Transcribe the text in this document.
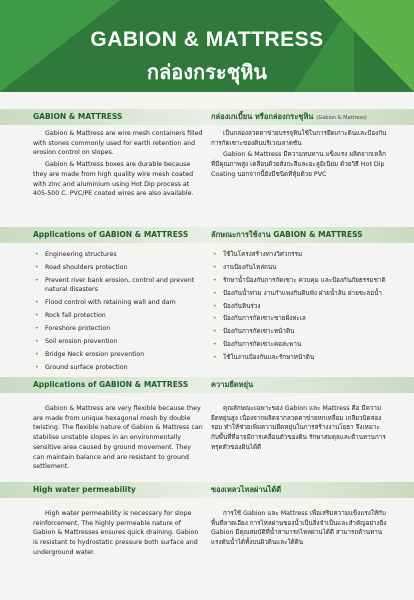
GABION & MATTRESS
กล่องกระชุหิน
GABION & MATTRESS	กล่องเกเบี้ยน หรือกล่องกระชุหิน (Gabion & Mattress)

Gabion & Mattress are wire mesh containers filled with stones commonly used for earth retention and erosion control on slopes.

Gabion & Mattress boxes are durable because they are made from high quality wire mesh coated with zinc and aluminium using Hot Dip process at 405-500 C. PVC/PE coated wires are also available.

เป็นกล่องลวดตาข่ายบรรจุหินใช้ในการยึดเกาะดินและป้องกันการกัดเซาะของดินบริเวณลาดชัน

Gabion & Mattress มีความทนทาน แข็งแรง ผลิตจากเหล็กที่มีคุณภาพสูง เคลือบด้วยสังกะสีและอะลูมิเนียม ด้วยวิธี Hot Dip Coating นอกจากนี้ยังมีชนิดที่หุ้มด้วย PVC

Applications of GABION & MATTRESS	ลักษณะการใช้งาน GABION & MATTRESS
• Engineering structures
• Road shoulders protection
• Prevent river bank erosion, control and prevent natural disasters
• Flood control with retaining wall and dam
• Rock fall protection
• Foreshore protection
• Soil erosion prevention
• Bridge Neck erosion prevention
• Ground surface protection
• ใช้ในโครงสร้างทางวิศวกรรม
• งานป้องกันไหล่ถนน
• รักษาน้ำป้องกันการกัดเซาะ ควบคุม และป้องกันภัยธรรมชาติ
• ป้องกันน้ำท่วม งานกำแพงกันดินพัง ฝายน้ำล้น ฝายชะลอน้ำ
• ป้องกันหินร่วง
• ป้องกันการกัดเซาะชายฝั่งทะเล
• ป้องกันการกัดเซาะหน้าดิน
• ป้องกันการกัดเซาะคอสะพาน
• ใช้ในงานป้องกันและรักษาหน้าดิน
Applications of GABION & MATTRESS	ความยืดหยุ่น

Gabion & Mattress are very flexible because they are made from unique hexagonal mesh by double twisting. The flexible nature of Gabion & Mattress can stabilise unstable slopes in an environmentally sensitive area caused by ground movement. They can maintain balance and are resistant to ground settlement.

คุณลักษณะเฉพาะของ Gabion และ Mattress คือ มีความยืดหยุ่นสูง เนื่องจากผลิตจากลวดตาข่ายหกเหลี่ยม เกลียวบิดสองรอบ ทำให้ช่วยเพิ่มความยืดหยุ่นในการสร้างงานโยธา จึงเหมาะกับพื้นที่ที่อาจมีการเคลื่อนตัวของดิน รักษาสมดุลและต้านทานการทรุดตัวของดินได้ดี

High water permeability	ของเหลวไหลผ่านได้ดี

High water permeability is necessary for slope reinforcement. The highly permeable nature of Gabion & Mattresses ensures quick draining. Gabion is resistant to hydrostatic pressure both surface and underground water.

การใช้ Gabion และ Mattress เพื่อเสริมความแข็งแรงให้กับพื้นที่ลาดเอียง การไหลผ่านของน้ำเป็นสิ่งจำเป็นและสำคัญอย่างยิ่ง Gabion มีคุณสมบัติที่น้ำสามารถไหลผ่านได้ดี สามารถต้านทานแรงดันน้ำได้ทั้งบนผิวดินและใต้ดิน
